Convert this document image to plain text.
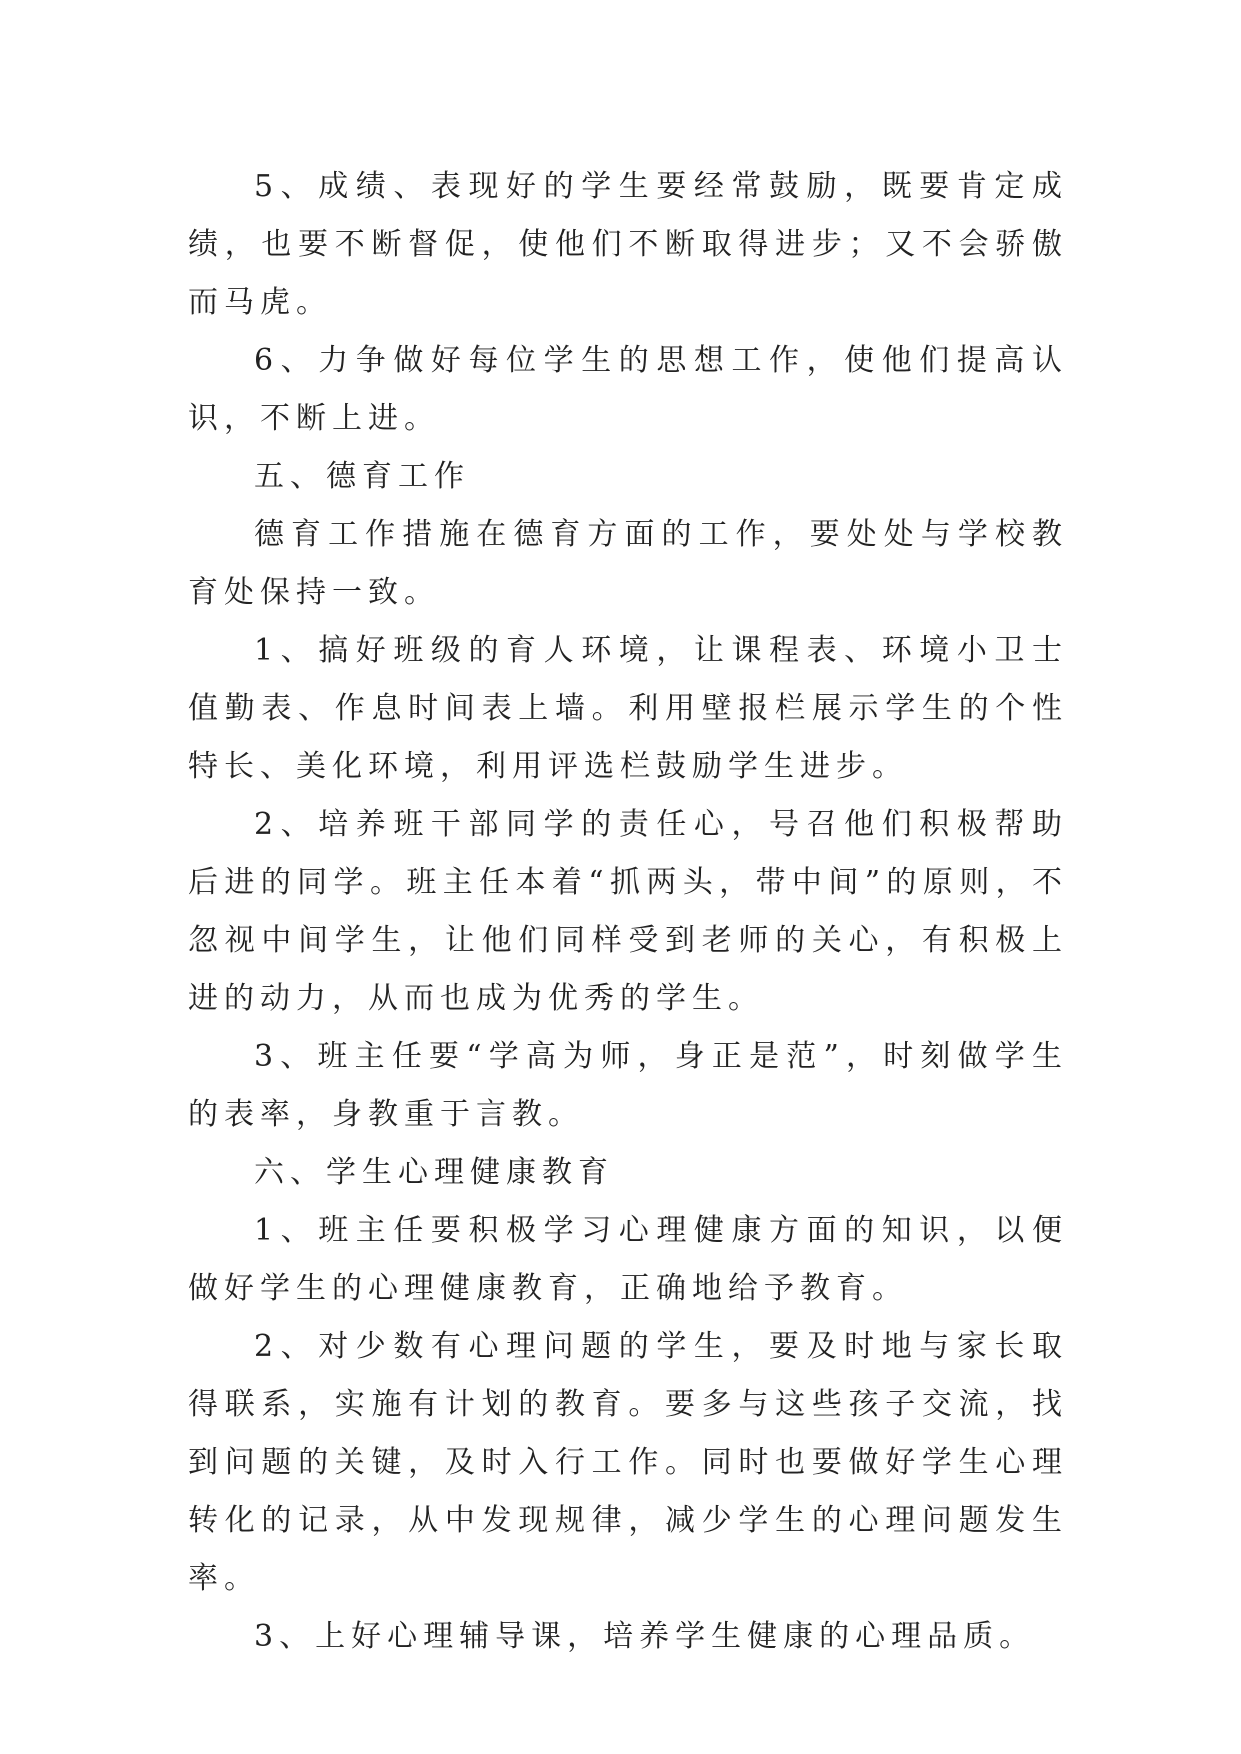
5、成绩、表现好的学生要经常鼓励，既要肯定成绩，也要不断督促，使他们不断取得进步；又不会骄傲而马虎。

6、力争做好每位学生的思想工作，使他们提高认识，不断上进。

五、德育工作

德育工作措施在德育方面的工作，要处处与学校教育处保持一致。

1、搞好班级的育人环境，让课程表、环境小卫士值勤表、作息时间表上墙。利用壁报栏展示学生的个性特长、美化环境，利用评选栏鼓励学生进步。

2、培养班干部同学的责任心，号召他们积极帮助后进的同学。班主任本着“抓两头，带中间”的原则，不忽视中间学生，让他们同样受到老师的关心，有积极上进的动力，从而也成为优秀的学生。

3、班主任要“学高为师，身正是范”，时刻做学生的表率，身教重于言教。

六、学生心理健康教育

1、班主任要积极学习心理健康方面的知识，以便做好学生的心理健康教育，正确地给予教育。

2、对少数有心理问题的学生，要及时地与家长取得联系，实施有计划的教育。要多与这些孩子交流，找到问题的关键，及时入行工作。同时也要做好学生心理转化的记录，从中发现规律，减少学生的心理问题发生率。

3、上好心理辅导课，培养学生健康的心理品质。
